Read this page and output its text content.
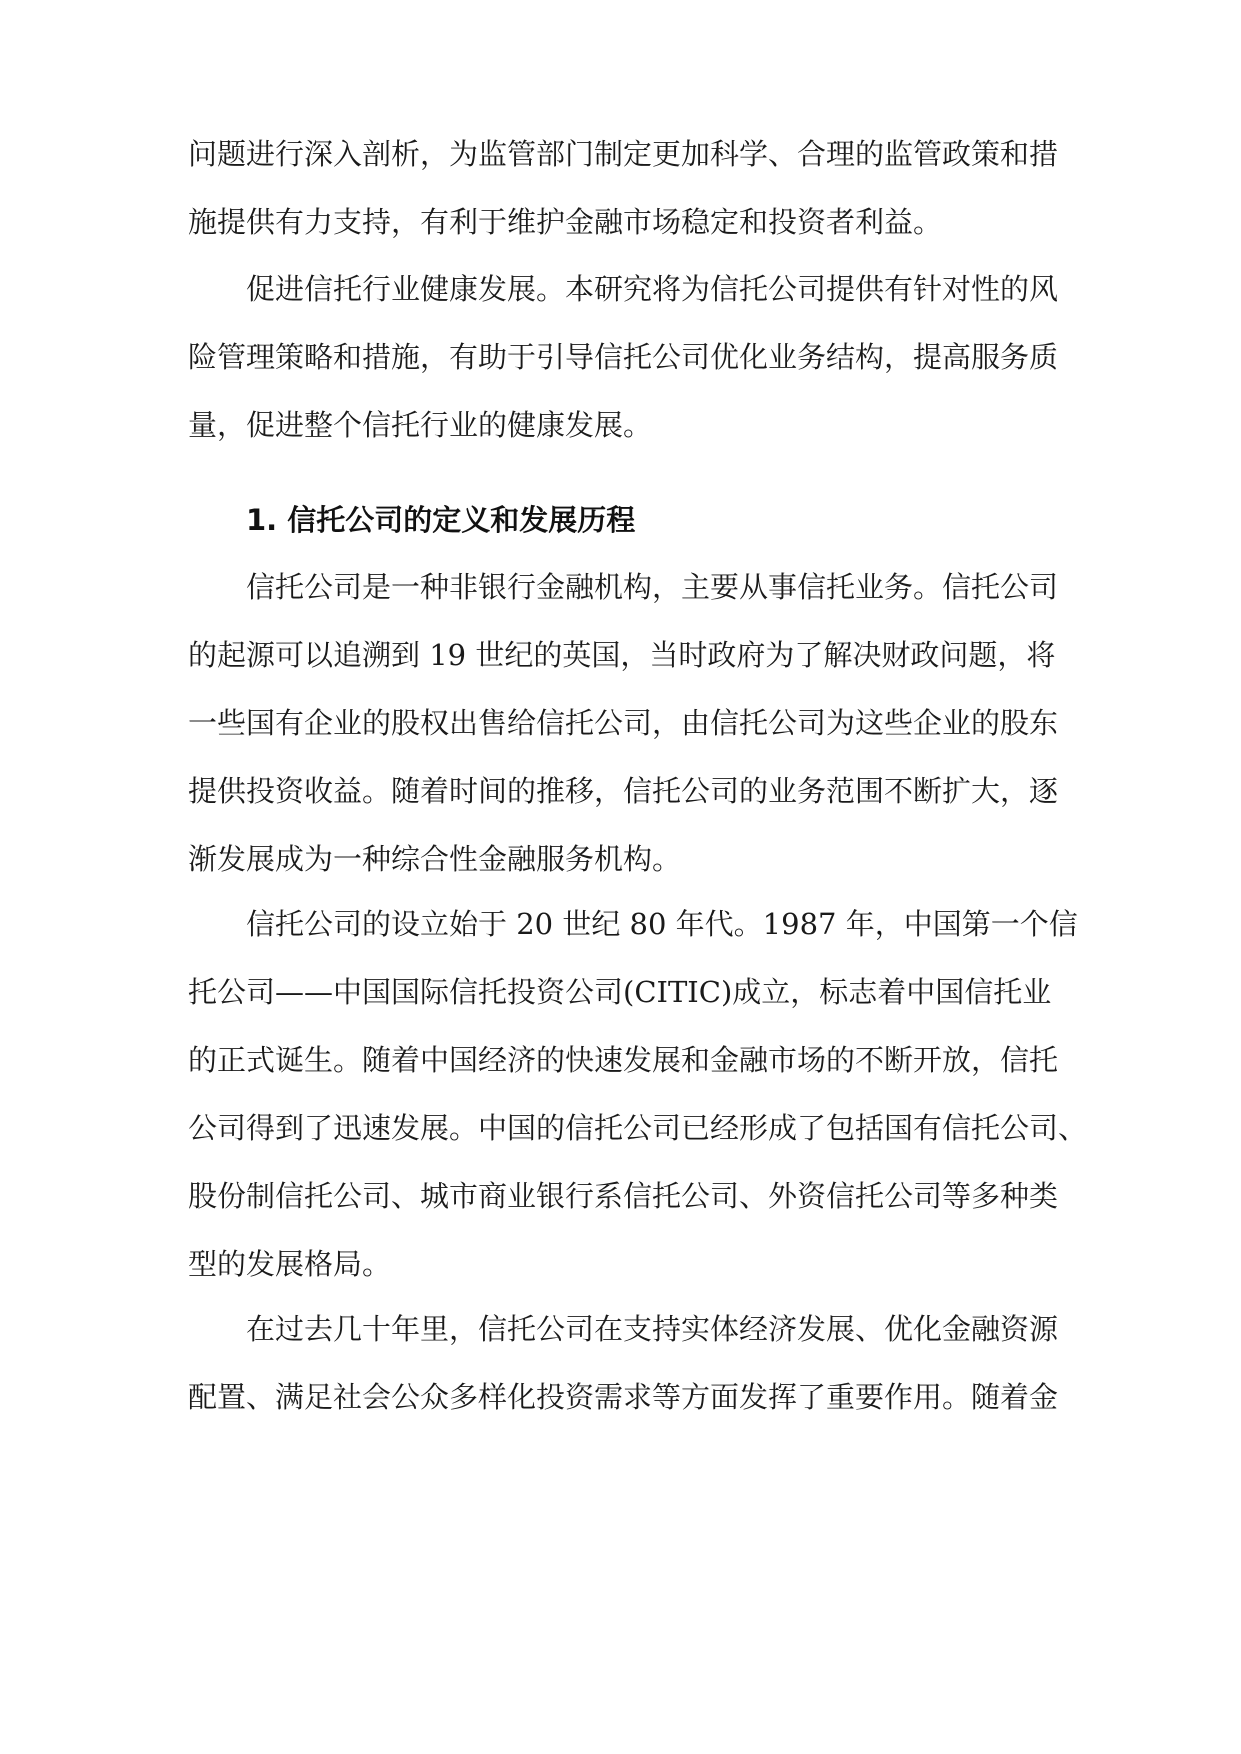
问题进行深入剖析，为监管部门制定更加科学、合理的监管政策和措
施提供有力支持，有利于维护金融市场稳定和投资者利益。
促进信托行业健康发展。本研究将为信托公司提供有针对性的风
险管理策略和措施，有助于引导信托公司优化业务结构，提高服务质
量，促进整个信托行业的健康发展。
1. 信托公司的定义和发展历程
信托公司是一种非银行金融机构，主要从事信托业务。信托公司
的起源可以追溯到 19 世纪的英国，当时政府为了解决财政问题，将
一些国有企业的股权出售给信托公司，由信托公司为这些企业的股东
提供投资收益。随着时间的推移，信托公司的业务范围不断扩大，逐
渐发展成为一种综合性金融服务机构。
信托公司的设立始于 20 世纪 80 年代。1987 年，中国第一个信
托公司——中国国际信托投资公司(CITIC)成立，标志着中国信托业
的正式诞生。随着中国经济的快速发展和金融市场的不断开放，信托
公司得到了迅速发展。中国的信托公司已经形成了包括国有信托公司、
股份制信托公司、城市商业银行系信托公司、外资信托公司等多种类
型的发展格局。
在过去几十年里，信托公司在支持实体经济发展、优化金融资源
配置、满足社会公众多样化投资需求等方面发挥了重要作用。随着金
